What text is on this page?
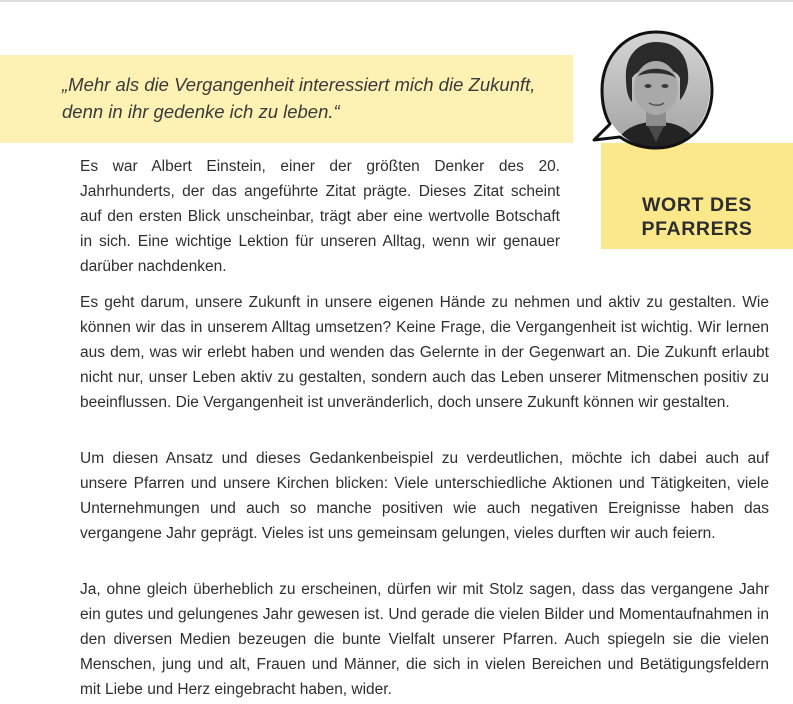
„Mehr als die Vergangenheit interessiert mich die Zukunft, denn in ihr gedenke ich zu leben.“

WORT DES
PFARRERS

Es war Albert Einstein, einer der größten Denker des 20. Jahrhunderts, der das angeführte Zitat prägte. Dieses Zitat scheint auf den ersten Blick unscheinbar, trägt aber eine wertvolle Botschaft in sich. Eine wichtige Lektion für unseren Alltag, wenn wir genauer darüber nachdenken.

Es geht darum, unsere Zukunft in unsere eigenen Hände zu nehmen und aktiv zu gestalten. Wie können wir das in unserem Alltag umsetzen? Keine Frage, die Vergangenheit ist wichtig. Wir lernen aus dem, was wir erlebt haben und wenden das Gelernte in der Gegenwart an. Die Zukunft erlaubt nicht nur, unser Leben aktiv zu gestalten, sondern auch das Leben unserer Mitmenschen positiv zu beeinflussen. Die Vergangenheit ist unveränderlich, doch unsere Zukunft können wir gestalten.

Um diesen Ansatz und dieses Gedankenbeispiel zu verdeutlichen, möchte ich dabei auch auf unsere Pfarren und unsere Kirchen blicken: Viele unterschiedliche Aktionen und Tätigkeiten, viele Unternehmungen und auch so manche positiven wie auch negativen Ereignisse haben das vergangene Jahr geprägt. Vieles ist uns gemeinsam gelungen, vieles durften wir auch feiern.

Ja, ohne gleich überheblich zu erscheinen, dürfen wir mit Stolz sagen, dass das vergangene Jahr ein gutes und gelungenes Jahr gewesen ist. Und gerade die vielen Bilder und Momentaufnahmen in den diversen Medien bezeugen die bunte Vielfalt unserer Pfarren. Auch spiegeln sie die vielen Menschen, jung und alt, Frauen und Männer, die sich in vielen Bereichen und Betätigungsfeldern mit Liebe und Herz eingebracht haben, wider.
